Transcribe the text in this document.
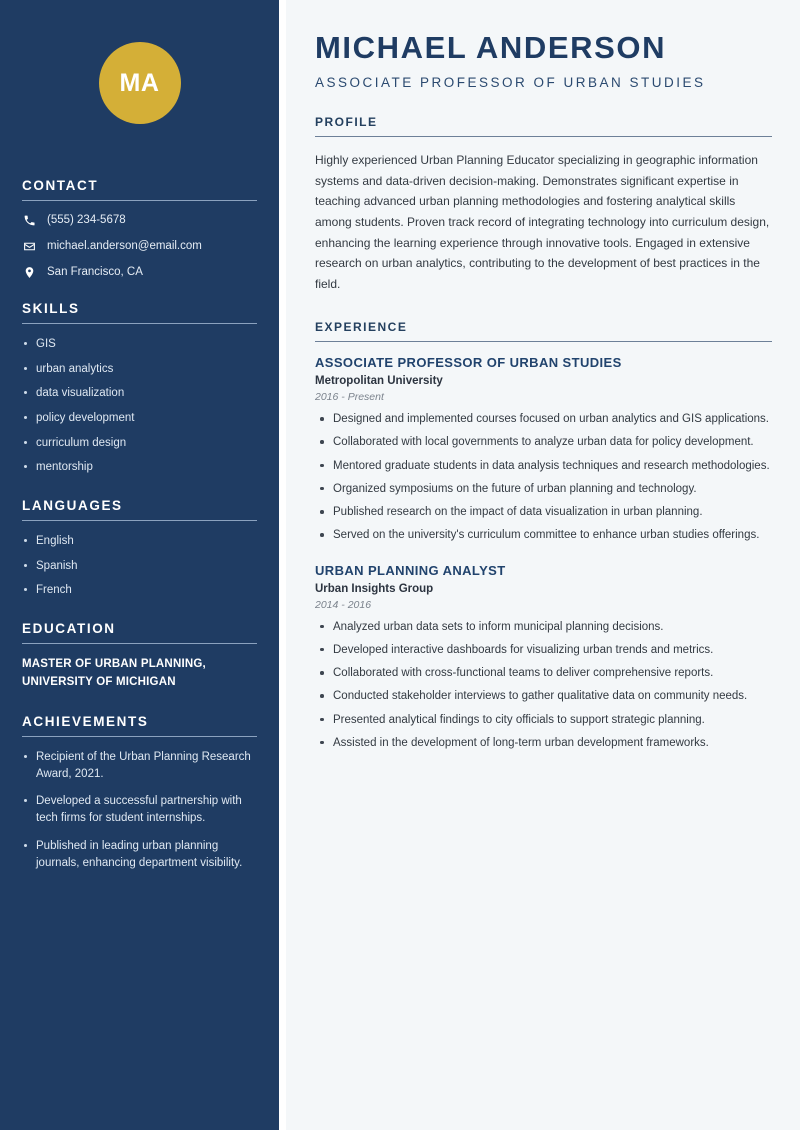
MA
CONTACT
(555) 234-5678
michael.anderson@email.com
San Francisco, CA
SKILLS
GIS
urban analytics
data visualization
policy development
curriculum design
mentorship
LANGUAGES
English
Spanish
French
EDUCATION
MASTER OF URBAN PLANNING,
UNIVERSITY OF MICHIGAN
ACHIEVEMENTS
Recipient of the Urban Planning Research Award, 2021.
Developed a successful partnership with tech firms for student internships.
Published in leading urban planning journals, enhancing department visibility.
MICHAEL ANDERSON
ASSOCIATE PROFESSOR OF URBAN STUDIES
PROFILE

Highly experienced Urban Planning Educator specializing in geographic information systems and data-driven decision-making. Demonstrates significant expertise in teaching advanced urban planning methodologies and fostering analytical skills among students. Proven track record of integrating technology into curriculum design, enhancing the learning experience through innovative tools. Engaged in extensive research on urban analytics, contributing to the development of best practices in the field.

EXPERIENCE
ASSOCIATE PROFESSOR OF URBAN STUDIES
Metropolitan University
2016 - Present
Designed and implemented courses focused on urban analytics and GIS applications.
Collaborated with local governments to analyze urban data for policy development.
Mentored graduate students in data analysis techniques and research methodologies.
Organized symposiums on the future of urban planning and technology.
Published research on the impact of data visualization in urban planning.
Served on the university's curriculum committee to enhance urban studies offerings.
URBAN PLANNING ANALYST
Urban Insights Group
2014 - 2016
Analyzed urban data sets to inform municipal planning decisions.
Developed interactive dashboards for visualizing urban trends and metrics.
Collaborated with cross-functional teams to deliver comprehensive reports.
Conducted stakeholder interviews to gather qualitative data on community needs.
Presented analytical findings to city officials to support strategic planning.
Assisted in the development of long-term urban development frameworks.
